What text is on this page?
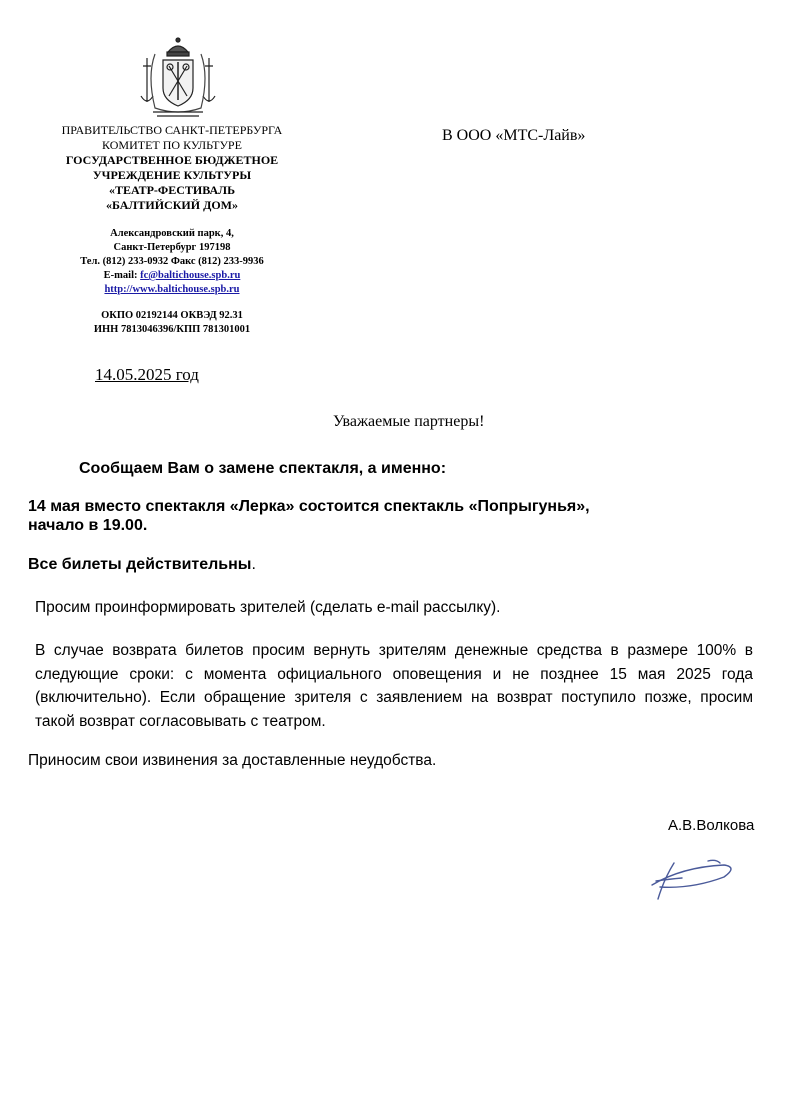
ПРАВИТЕЛЬСТВО САНКТ-ПЕТЕРБУРГА
КОМИТЕТ ПО КУЛЬТУРЕ
ГОСУДАРСТВЕННОЕ БЮДЖЕТНОЕ
УЧРЕЖДЕНИЕ КУЛЬТУРЫ
«ТЕАТР-ФЕСТИВАЛЬ
«БАЛТИЙСКИЙ ДОМ»
Александровский парк, 4,
Санкт-Петербург 197198
Тел. (812) 233-0932 Факс (812) 233-9936
E-mail: fc@baltichouse.spb.ru
http://www.baltichouse.spb.ru
ОКПО 02192144 ОКВЭД 92.31
ИНН 7813046396/КПП 781301001
В ООО «МТС-Лайв»
14.05.2025 год
Уважаемые партнеры!
Сообщаем Вам о замене спектакля, а именно:
14 мая вместо спектакля «Лерка» состоится спектакль «Попрыгунья»,
начало в 19.00.
Все билеты действительны.
Просим проинформировать зрителей (сделать e-mail рассылку).
В случае возврата билетов просим вернуть зрителям денежные средства в размере 100% в следующие сроки: с момента официального оповещения и не позднее 15 мая 2025 года (включительно). Если обращение зрителя с заявлением на возврат поступило позже, просим такой возврат согласовывать с театром.
Приносим свои извинения за доставленные неудобства.
А.В.Волкова
